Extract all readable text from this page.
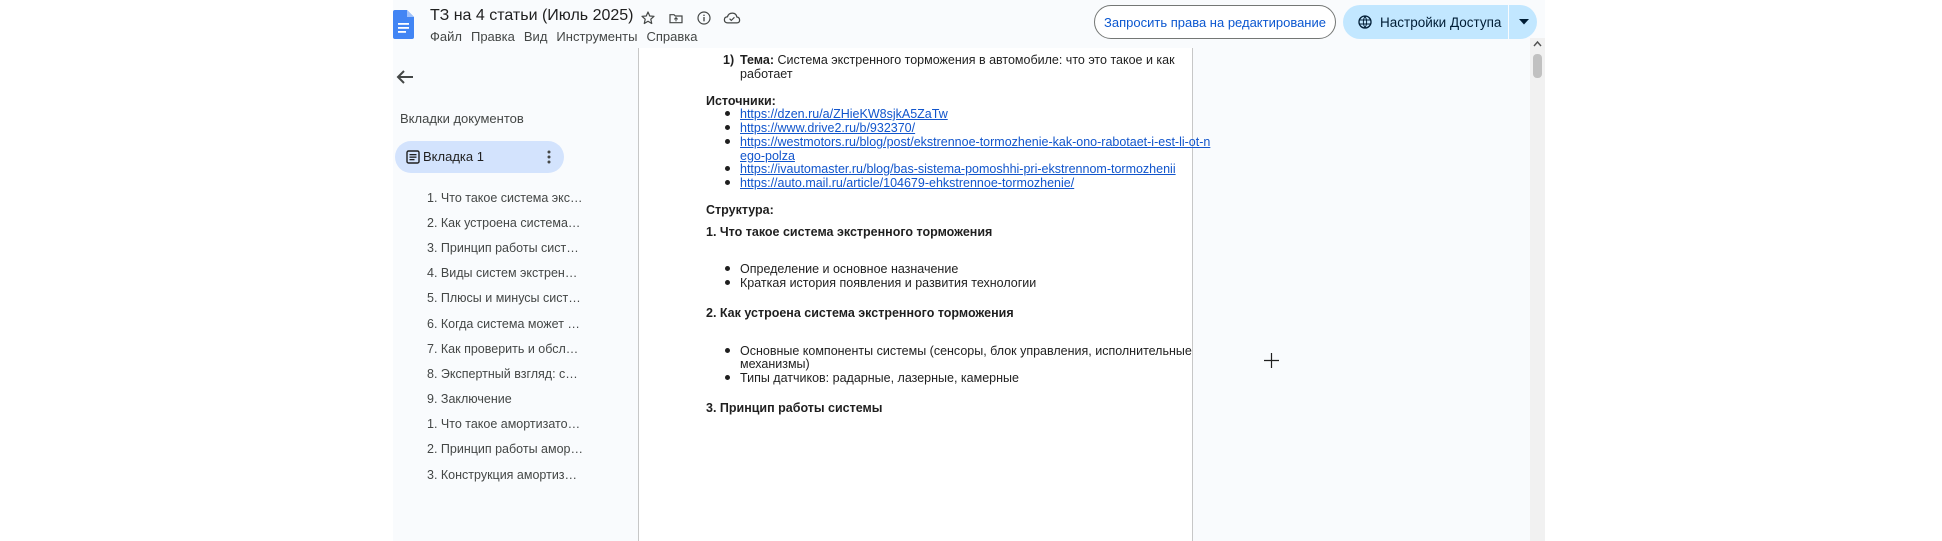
ТЗ на 4 статьи (Июль 2025)
Файл Правка Вид Инструменты Справка
Запросить права на редактирование	Настройки Доступа
Вкладки документов
Вкладка 1
1. Что такое система экс…
2. Как устроена система…
3. Принцип работы сист…
4. Виды систем экстрен…
5. Плюсы и минусы сист…
6. Когда система может …
7. Как проверить и обсл…
8. Экспертный взгляд: с…
9. Заключение
1. Что такое амортизато…
2. Принцип работы амор…
3. Конструкция амортиз…
1) Тема: Система экстренного торможения в автомобиле: что это такое и как
работает
Источники:
https://dzen.ru/a/ZHieKW8sjkA5ZaTw
https://www.drive2.ru/b/932370/
https://westmotors.ru/blog/post/ekstrennoe-tormozhenie-kak-ono-rabotaet-i-est-li-ot-n
ego-polza
https://ivautomaster.ru/blog/bas-sistema-pomoshhi-pri-ekstrennom-tormozhenii
https://auto.mail.ru/article/104679-ehkstrennoe-tormozhenie/
Структура:
1. Что такое система экстренного торможения
Определение и основное назначение
Краткая история появления и развития технологии
2. Как устроена система экстренного торможения
Основные компоненты системы (сенсоры, блок управления, исполнительные
механизмы)
Типы датчиков: радарные, лазерные, камерные
3. Принцип работы системы
